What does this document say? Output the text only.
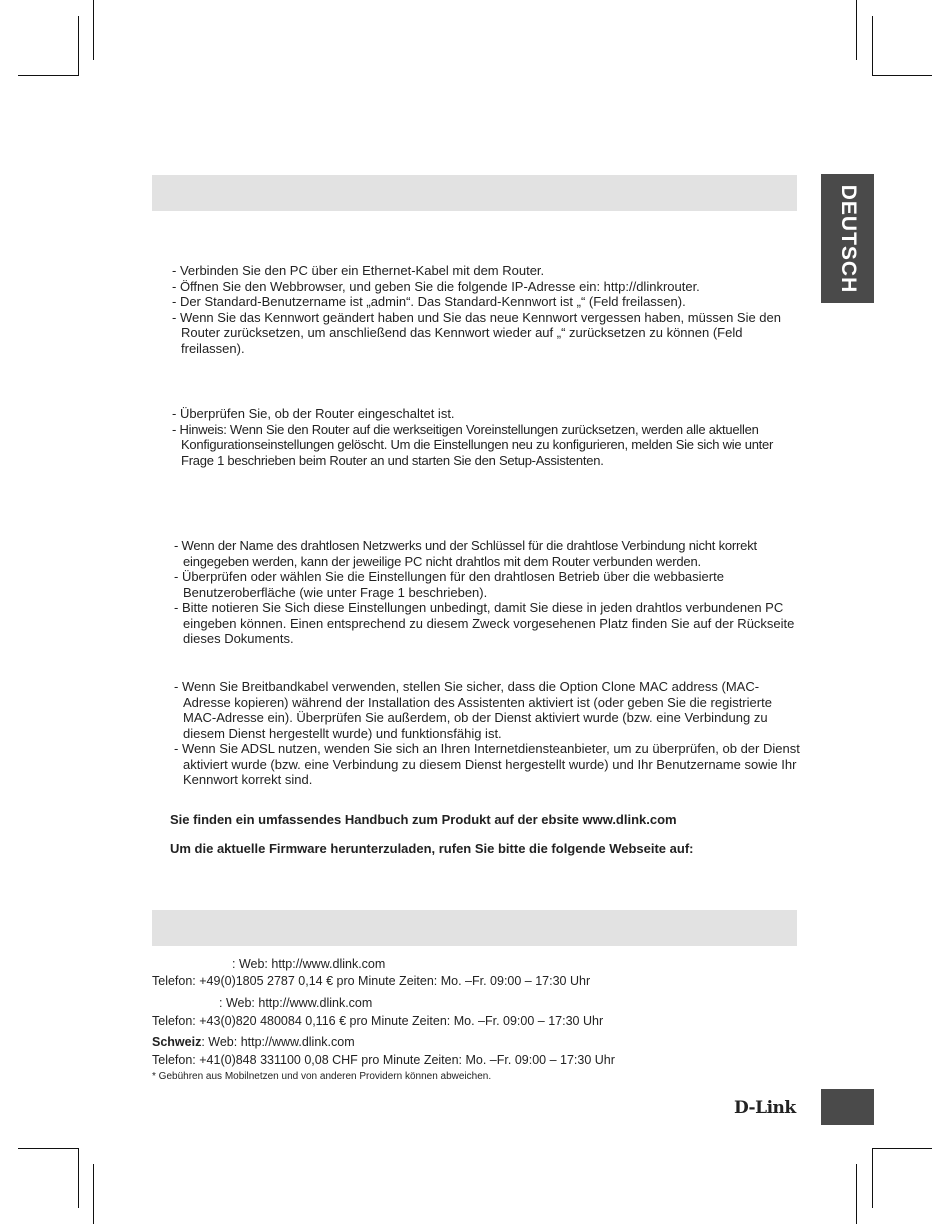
DEUTSCH

- Verbinden Sie den PC über ein Ethernet-Kabel mit dem Router.

- Öffnen Sie den Webbrowser, und geben Sie die folgende IP-Adresse ein: http://dlinkrouter.

- Der Standard-Benutzername ist „admin“. Das Standard-Kennwort ist „“ (Feld freilassen).

- Wenn Sie das Kennwort geändert haben und Sie das neue Kennwort vergessen haben, müssen Sie den Router zurücksetzen, um anschließend das Kennwort wieder auf „“ zurücksetzen zu können (Feld freilassen).

- Überprüfen Sie, ob der Router eingeschaltet ist.

- Hinweis: Wenn Sie den Router auf die werkseitigen Voreinstellungen zurücksetzen, werden alle aktuellen Konfigurationseinstellungen gelöscht. Um die Einstellungen neu zu konfigurieren, melden Sie sich wie unter Frage 1 beschrieben beim Router an und starten Sie den Setup-Assistenten.

- Wenn der Name des drahtlosen Netzwerks und der Schlüssel für die drahtlose Verbindung nicht korrekt eingegeben werden, kann der jeweilige PC nicht drahtlos mit dem Router verbunden werden.

- Überprüfen oder wählen Sie die Einstellungen für den drahtlosen Betrieb über die webbasierte Benutzeroberfläche (wie unter Frage 1 beschrieben).

- Bitte notieren Sie Sich diese Einstellungen unbedingt, damit Sie diese in jeden drahtlos verbundenen PC eingeben können. Einen entsprechend zu diesem Zweck vorgesehenen Platz finden Sie auf der Rückseite dieses Dokuments.

- Wenn Sie Breitbandkabel verwenden, stellen Sie sicher, dass die Option Clone MAC address (MAC-Adresse kopieren) während der Installation des Assistenten aktiviert ist (oder geben Sie die registrierte MAC-Adresse ein). Überprüfen Sie außerdem, ob der Dienst aktiviert wurde (bzw. eine Verbindung zu diesem Dienst hergestellt wurde) und funktionsfähig ist.

- Wenn Sie ADSL nutzen, wenden Sie sich an Ihren Internetdiensteanbieter, um zu überprüfen, ob der Dienst aktiviert wurde (bzw. eine Verbindung zu diesem Dienst hergestellt wurde) und Ihr Benutzername sowie Ihr Kennwort korrekt sind.

Sie finden ein umfassendes Handbuch zum Produkt auf der ebsite www.dlink.com
Um die aktuelle Firmware herunterzuladen, rufen Sie bitte die folgende Webseite auf:
: Web: http://www.dlink.com
Telefon: +49(0)1805 2787 0,14 € pro Minute Zeiten: Mo. –Fr. 09:00 – 17:30 Uhr
: Web: http://www.dlink.com
Telefon: +43(0)820 480084 0,116 € pro Minute Zeiten: Mo. –Fr. 09:00 – 17:30 Uhr
Schweiz: Web: http://www.dlink.com
Telefon: +41(0)848 331100 0,08 CHF pro Minute Zeiten: Mo. –Fr. 09:00 – 17:30 Uhr
* Gebühren aus Mobilnetzen und von anderen Providern können abweichen.
D-Link
